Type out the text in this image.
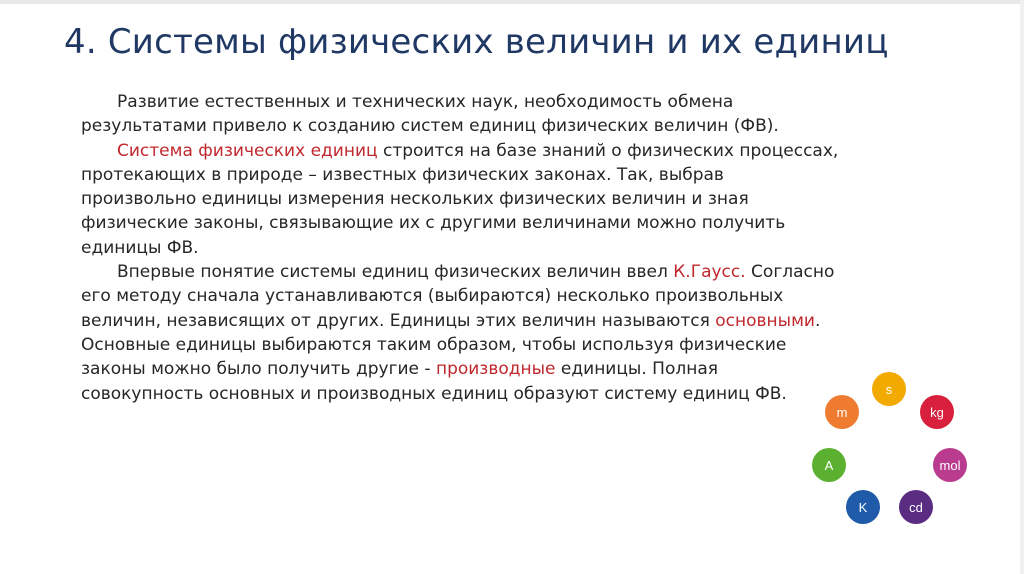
4. Системы физических величин и их единиц

Развитие естественных и технических наук, необходимость обмена результатами привело к созданию систем единиц физических величин (ФВ).

Система физических единиц строится на базе знаний о физических процессах, протекающих в природе – известных физических законах. Так, выбрав произвольно единицы измерения нескольких физических величин и зная физические законы, связывающие их с другими величинами можно получить единицы ФВ.

Впервые понятие системы единиц физических величин ввел К.Гаусс. Согласно его методу сначала устанавливаются (выбираются) несколько произвольных величин, независящих от других. Единицы этих величин называются основными. Основные единицы выбираются таким образом, чтобы используя физические законы можно было получить другие - производные единицы. Полная совокупность основных и производных единиц образуют систему единиц ФВ.	s
kg
mol
cd
K
A
m
